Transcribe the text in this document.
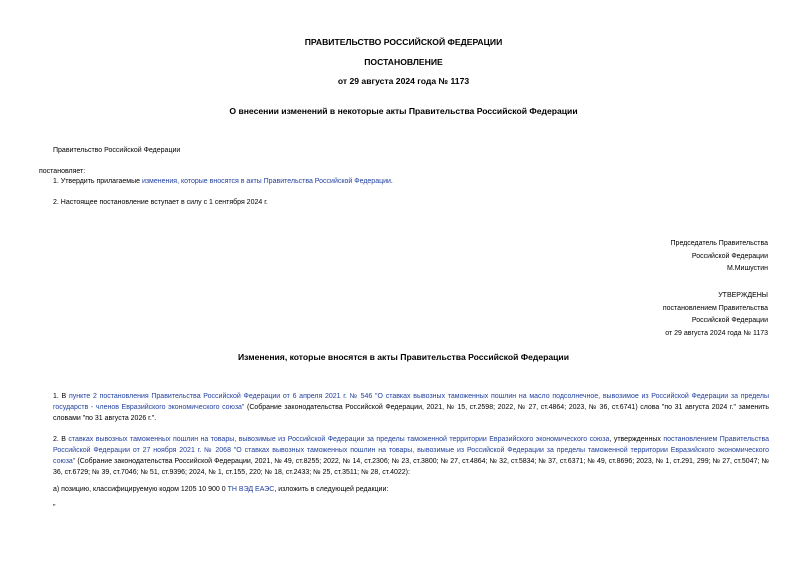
ПРАВИТЕЛЬСТВО РОССИЙСКОЙ ФЕДЕРАЦИИ
ПОСТАНОВЛЕНИЕ
от 29 августа 2024 года № 1173
О внесении изменений в некоторые акты Правительства Российской Федерации
Правительство Российской Федерации
постановляет:
1. Утвердить прилагаемые изменения, которые вносятся в акты Правительства Российской Федерации.
2. Настоящее постановление вступает в силу с 1 сентября 2024 г.
Председатель Правительства
Российской Федерации
М.Мишустин
УТВЕРЖДЕНЫ
постановлением Правительства
Российской Федерации
от 29 августа 2024 года № 1173
Изменения, которые вносятся в акты Правительства Российской Федерации
1. В пункте 2 постановления Правительства Российской Федерации от 6 апреля 2021 г. № 546 "О ставках вывозных таможенных пошлин на масло подсолнечное, вывозимое из Российской Федерации за пределы государств - членов Евразийского экономического союза" (Собрание законодательства Российской Федерации, 2021, № 15, ст.2598; 2022, № 27, ст.4864; 2023, № 36, ст.6741) слова "по 31 августа 2024 г." заменить словами "по 31 августа 2026 г.".
2. В ставках вывозных таможенных пошлин на товары, вывозимые из Российской Федерации за пределы таможенной территории Евразийского экономического союза, утвержденных постановлением Правительства Российской Федерации от 27 ноября 2021 г. № 2068 "О ставках вывозных таможенных пошлин на товары, вывозимые из Российской Федерации за пределы таможенной территории Евразийского экономического союза" (Собрание законодательства Российской Федерации, 2021, № 49, ст.8255; 2022, № 14, ст.2306; № 23, ст.3800; № 27, ст.4864; № 32, ст.5834; № 37, ст.6371; № 49, ст.8696; 2023, № 1, ст.291, 299; № 27, ст.5047; № 36, ст.6729; № 39, ст.7046; № 51, ст.9396; 2024, № 1, ст.155, 220; № 18, ст.2433; № 25, ст.3511; № 28, ст.4022):
а) позицию, классифицируемую кодом 1205 10 900 0 ТН ВЭД ЕАЭС, изложить в следующей редакции:
"
